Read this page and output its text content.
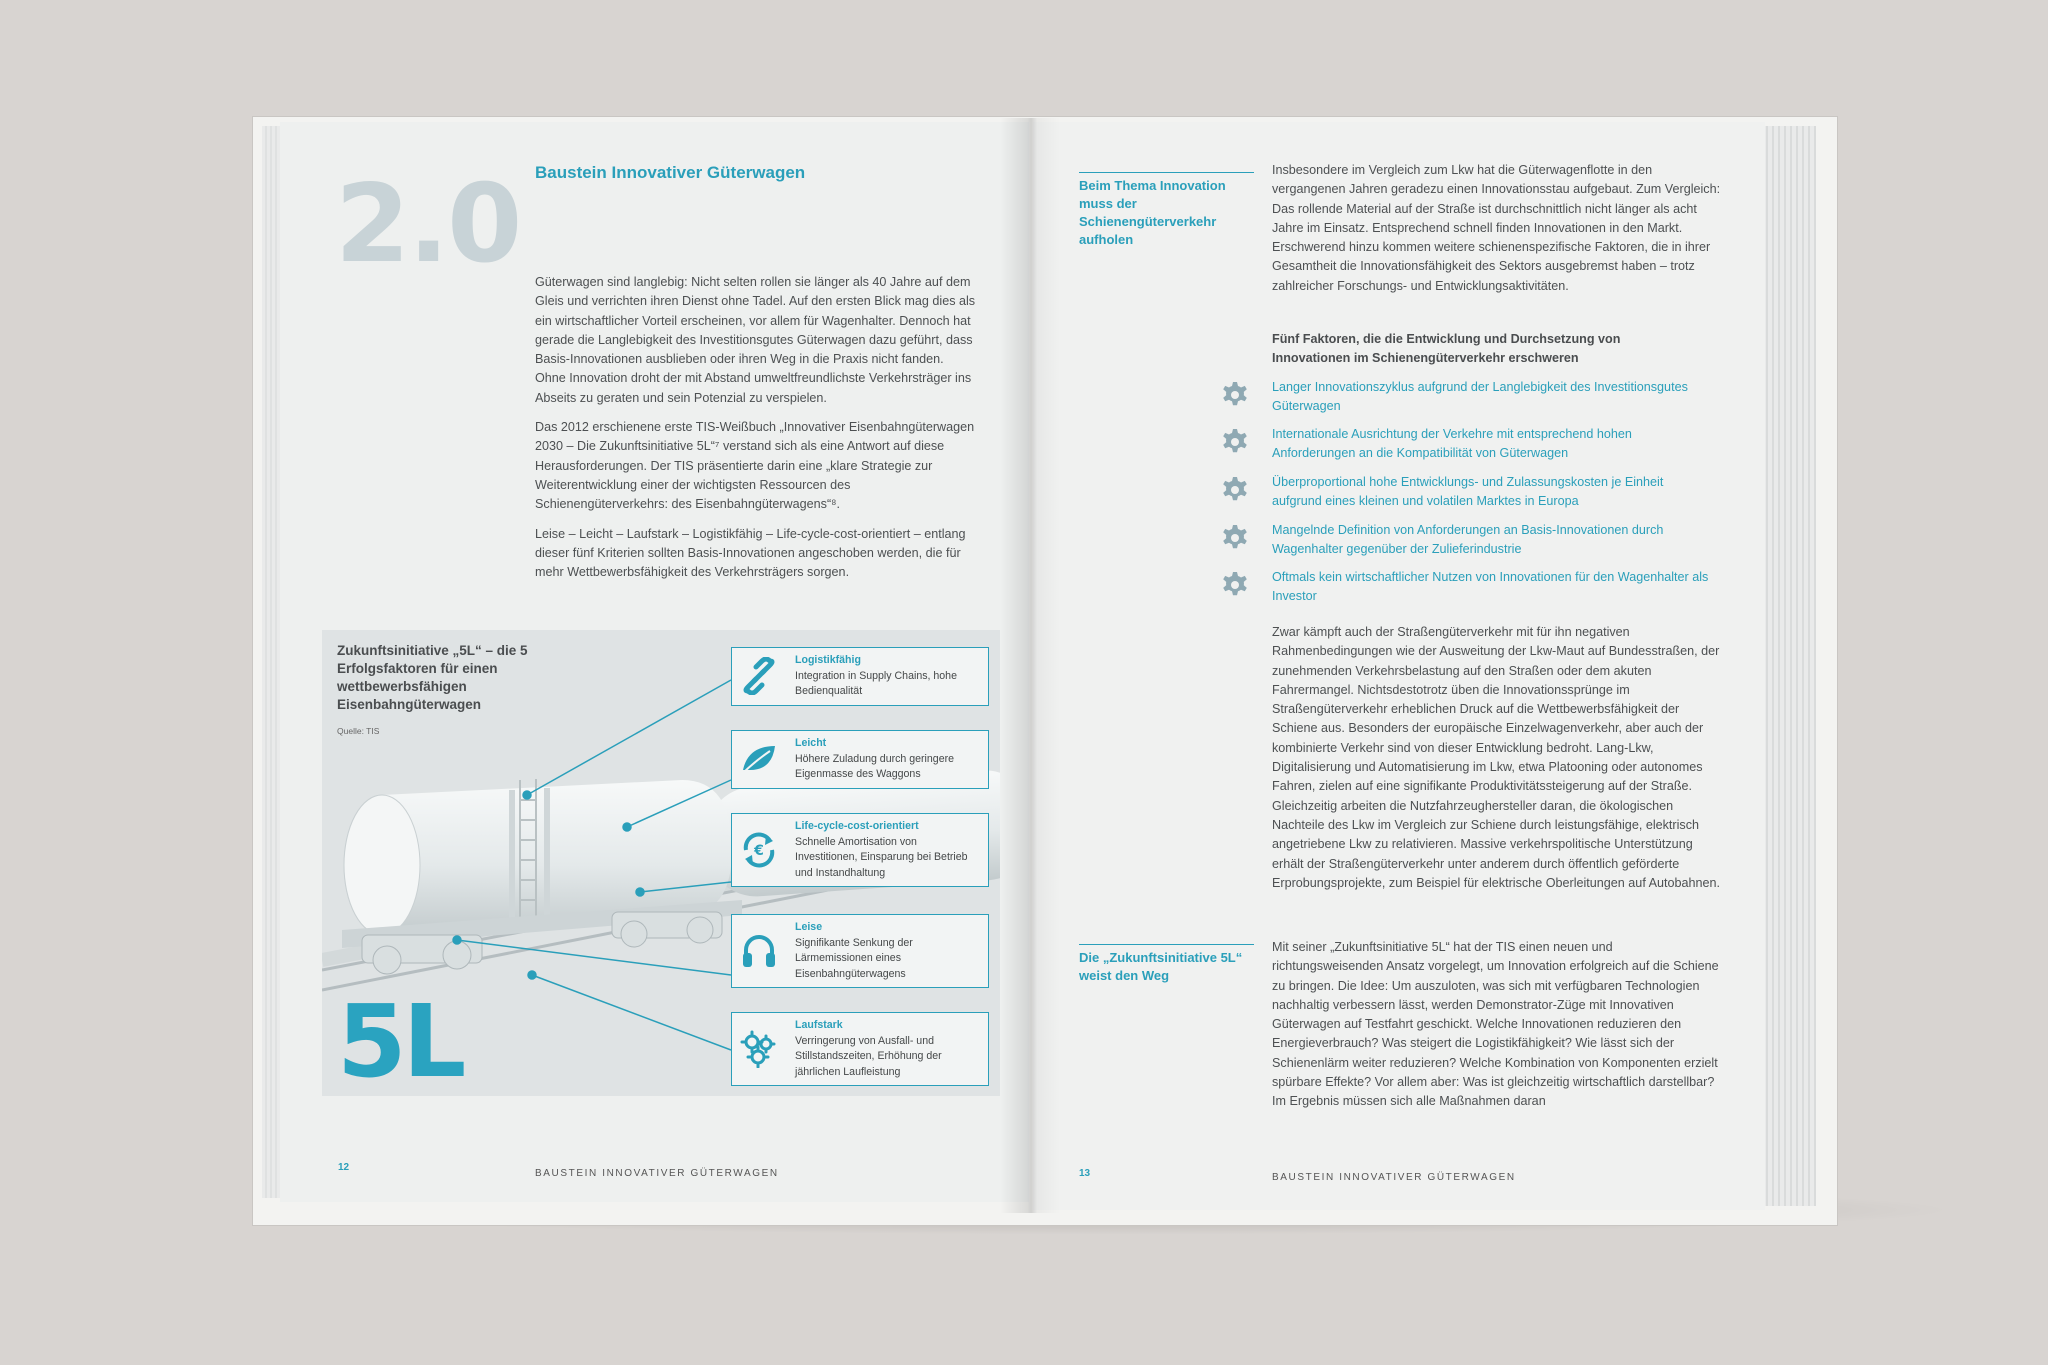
2.0 Baustein Innovativer Güterwagen

Güterwagen sind langlebig: Nicht selten rollen sie länger als 40 Jahre auf dem Gleis und verrichten ihren Dienst ohne Tadel. Auf den ersten Blick mag dies als ein wirtschaftlicher Vorteil erscheinen, vor allem für Wagenhalter. Dennoch hat gerade die Langlebigkeit des Investitionsgutes Güterwagen dazu geführt, dass Basis-Innovationen ausblieben oder ihren Weg in die Praxis nicht fanden. Ohne Innovation droht der mit Abstand umweltfreundlichste Verkehrsträger ins Abseits zu geraten und sein Potenzial zu verspielen.

Das 2012 erschienene erste TIS-Weißbuch „Innovativer Eisenbahngüterwagen 2030 – Die Zukunftsinitiative 5L“⁷ verstand sich als eine Antwort auf diese Herausforderungen. Der TIS präsentierte darin eine „klare Strategie zur Weiterentwicklung einer der wichtigsten Ressourcen des Schienengüterverkehrs: des Eisenbahngüterwagens“⁸.

Leise – Leicht – Laufstark – Logistikfähig – Life-cycle-cost-orientiert – entlang dieser fünf Kriterien sollten Basis-Innovationen angeschoben werden, die für mehr Wettbewerbsfähigkeit des Verkehrsträgers sorgen.

Zukunftsinitiative „5L“ – die 5 Erfolgsfaktoren für einen wettbewerbsfähigen Eisenbahngüterwagen
Quelle: TIS
5L
Logistikfähig
Integration in Supply Chains, hohe Bedienqualität
Leicht
Höhere Zuladung durch geringere Eigenmasse des Waggons
€
Life-cycle-cost-orientiert
Schnelle Amortisation von Investitionen, Einsparung bei Betrieb und Instandhaltung
Leise
Signifikante Senkung der Lärmemissionen eines Eisenbahngüterwagens
Laufstark
Verringerung von Ausfall- und Stillstandszeiten, Erhöhung der jährlichen Laufleistung
12
BAUSTEIN INNOVATIVER GÜTERWAGEN
Beim Thema Innovation muss der Schienengüterverkehr aufholen
Insbesondere im Vergleich zum Lkw hat die Güterwagenflotte in den vergangenen Jahren geradezu einen Innovationsstau aufgebaut. Zum Vergleich: Das rollende Material auf der Straße ist durchschnittlich nicht länger als acht Jahre im Einsatz. Entsprechend schnell finden Innovationen in den Markt. Erschwerend hinzu kommen weitere schienenspezifische Faktoren, die in ihrer Gesamtheit die Innovationsfähigkeit des Sektors ausgebremst haben – trotz zahlreicher Forschungs- und Entwicklungsaktivitäten.
Fünf Faktoren, die die Entwicklung und Durchsetzung von Innovationen im Schienengüterverkehr erschweren
Langer Innovationszyklus aufgrund der Langlebigkeit des Investitionsgutes Güterwagen
Internationale Ausrichtung der Verkehre mit entsprechend hohen Anforderungen an die Kompatibilität von Güterwagen
Überproportional hohe Entwicklungs- und Zulassungskosten je Einheit aufgrund eines kleinen und volatilen Marktes in Europa
Mangelnde Definition von Anforderungen an Basis-Innovationen durch Wagenhalter gegenüber der Zulieferindustrie
Oftmals kein wirtschaftlicher Nutzen von Innovationen für den Wagenhalter als Investor
Zwar kämpft auch der Straßengüterverkehr mit für ihn negativen Rahmenbedingungen wie der Ausweitung der Lkw-Maut auf Bundesstraßen, der zunehmenden Verkehrsbelastung auf den Straßen oder dem akuten Fahrermangel. Nichtsdestotrotz üben die Innovationssprünge im Straßengüterverkehr erheblichen Druck auf die Wettbewerbsfähigkeit der Schiene aus. Besonders der europäische Einzelwagenverkehr, aber auch der kombinierte Verkehr sind von dieser Entwicklung bedroht. Lang-Lkw, Digitalisierung und Automatisierung im Lkw, etwa Platooning oder autonomes Fahren, zielen auf eine signifikante Produktivitätssteigerung auf der Straße. Gleichzeitig arbeiten die Nutzfahrzeughersteller daran, die ökologischen Nachteile des Lkw im Vergleich zur Schiene durch leistungsfähige, elektrisch angetriebene Lkw zu relativieren. Massive verkehrspolitische Unterstützung erhält der Straßengüterverkehr unter anderem durch öffentlich geförderte Erprobungsprojekte, zum Beispiel für elektrische Oberleitungen auf Autobahnen.
Die „Zukunftsinitiative 5L“ weist den Weg
Mit seiner „Zukunftsinitiative 5L“ hat der TIS einen neuen und richtungsweisenden Ansatz vorgelegt, um Innovation erfolgreich auf die Schiene zu bringen. Die Idee: Um auszuloten, was sich mit verfügbaren Technologien nachhaltig verbessern lässt, werden Demonstrator-Züge mit Innovativen Güterwagen auf Testfahrt geschickt. Welche Innovationen reduzieren den Energieverbrauch? Was steigert die Logistikfähigkeit? Wie lässt sich der Schienenlärm weiter reduzieren? Welche Kombination von Komponenten erzielt spürbare Effekte? Vor allem aber: Was ist gleichzeitig wirtschaftlich darstellbar? Im Ergebnis müssen sich alle Maßnahmen daran
13	BAUSTEIN INNOVATIVER GÜTERWAGEN
